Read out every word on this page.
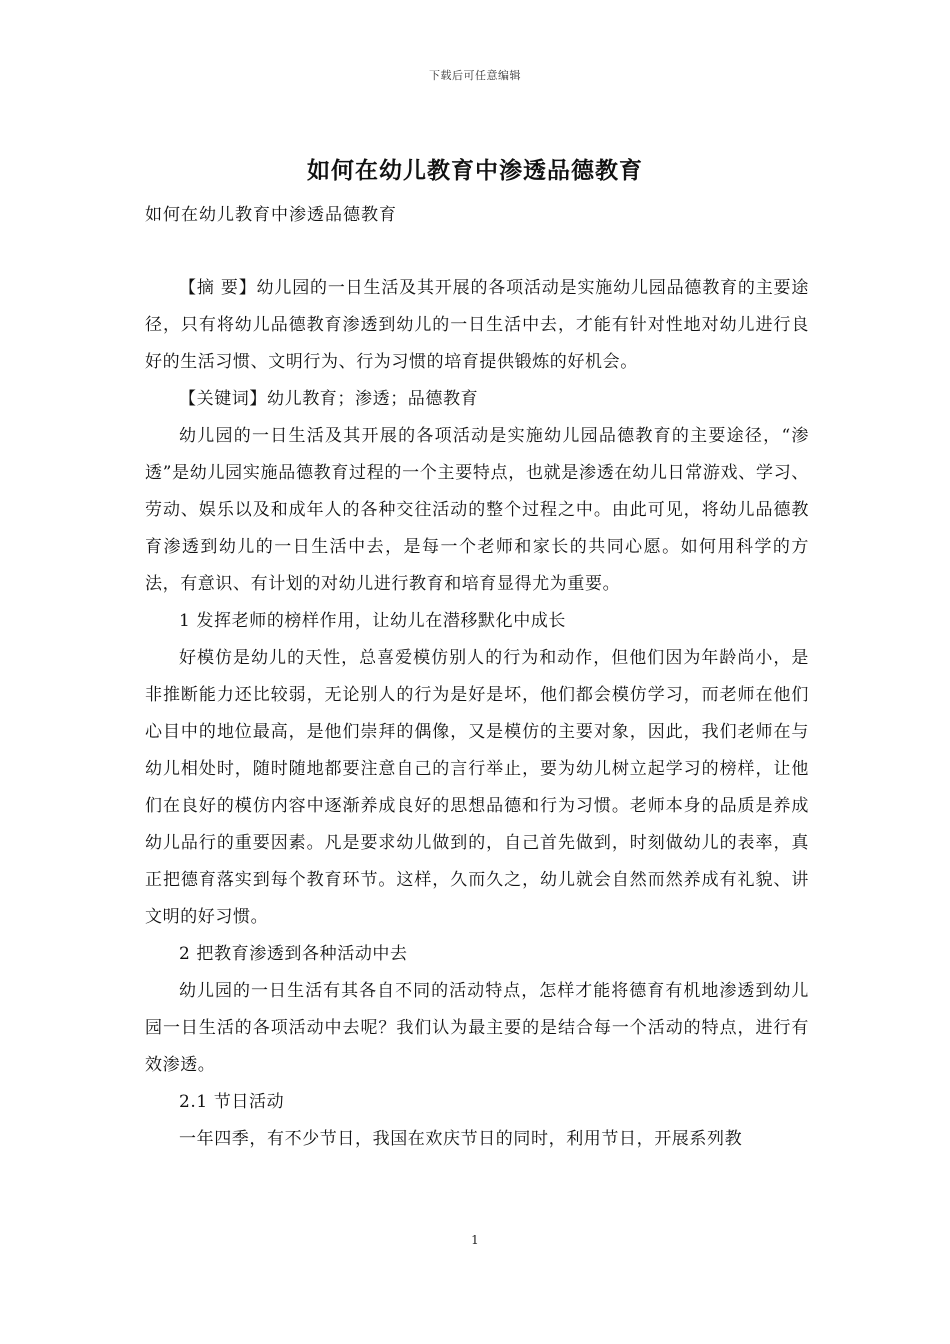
下载后可任意编辑
如何在幼儿教育中渗透品德教育
如何在幼儿教育中渗透品德教育

【摘 要】幼儿园的一日生活及其开展的各项活动是实施幼儿园品德教育的主要途径，只有将幼儿品德教育渗透到幼儿的一日生活中去，才能有针对性地对幼儿进行良好的生活习惯、文明行为、行为习惯的培育提供锻炼的好机会。

【关键词】幼儿教育；渗透；品德教育

幼儿园的一日生活及其开展的各项活动是实施幼儿园品德教育的主要途径，“渗透”是幼儿园实施品德教育过程的一个主要特点，也就是渗透在幼儿日常游戏、学习、劳动、娱乐以及和成年人的各种交往活动的整个过程之中。由此可见，将幼儿品德教育渗透到幼儿的一日生活中去，是每一个老师和家长的共同心愿。如何用科学的方法，有意识、有计划的对幼儿进行教育和培育显得尤为重要。

1 发挥老师的榜样作用，让幼儿在潜移默化中成长

好模仿是幼儿的天性，总喜爱模仿别人的行为和动作，但他们因为年龄尚小，是非推断能力还比较弱，无论别人的行为是好是坏，他们都会模仿学习，而老师在他们心目中的地位最高，是他们崇拜的偶像，又是模仿的主要对象，因此，我们老师在与幼儿相处时，随时随地都要注意自己的言行举止，要为幼儿树立起学习的榜样，让他们在良好的模仿内容中逐渐养成良好的思想品德和行为习惯。老师本身的品质是养成幼儿品行的重要因素。凡是要求幼儿做到的，自己首先做到，时刻做幼儿的表率，真正把德育落实到每个教育环节。这样，久而久之，幼儿就会自然而然养成有礼貌、讲文明的好习惯。

2 把教育渗透到各种活动中去

幼儿园的一日生活有其各自不同的活动特点，怎样才能将德育有机地渗透到幼儿园一日生活的各项活动中去呢？我们认为最主要的是结合每一个活动的特点，进行有效渗透。

2.1 节日活动

一年四季，有不少节日，我国在欢庆节日的同时，利用节日，开展系列教

1
